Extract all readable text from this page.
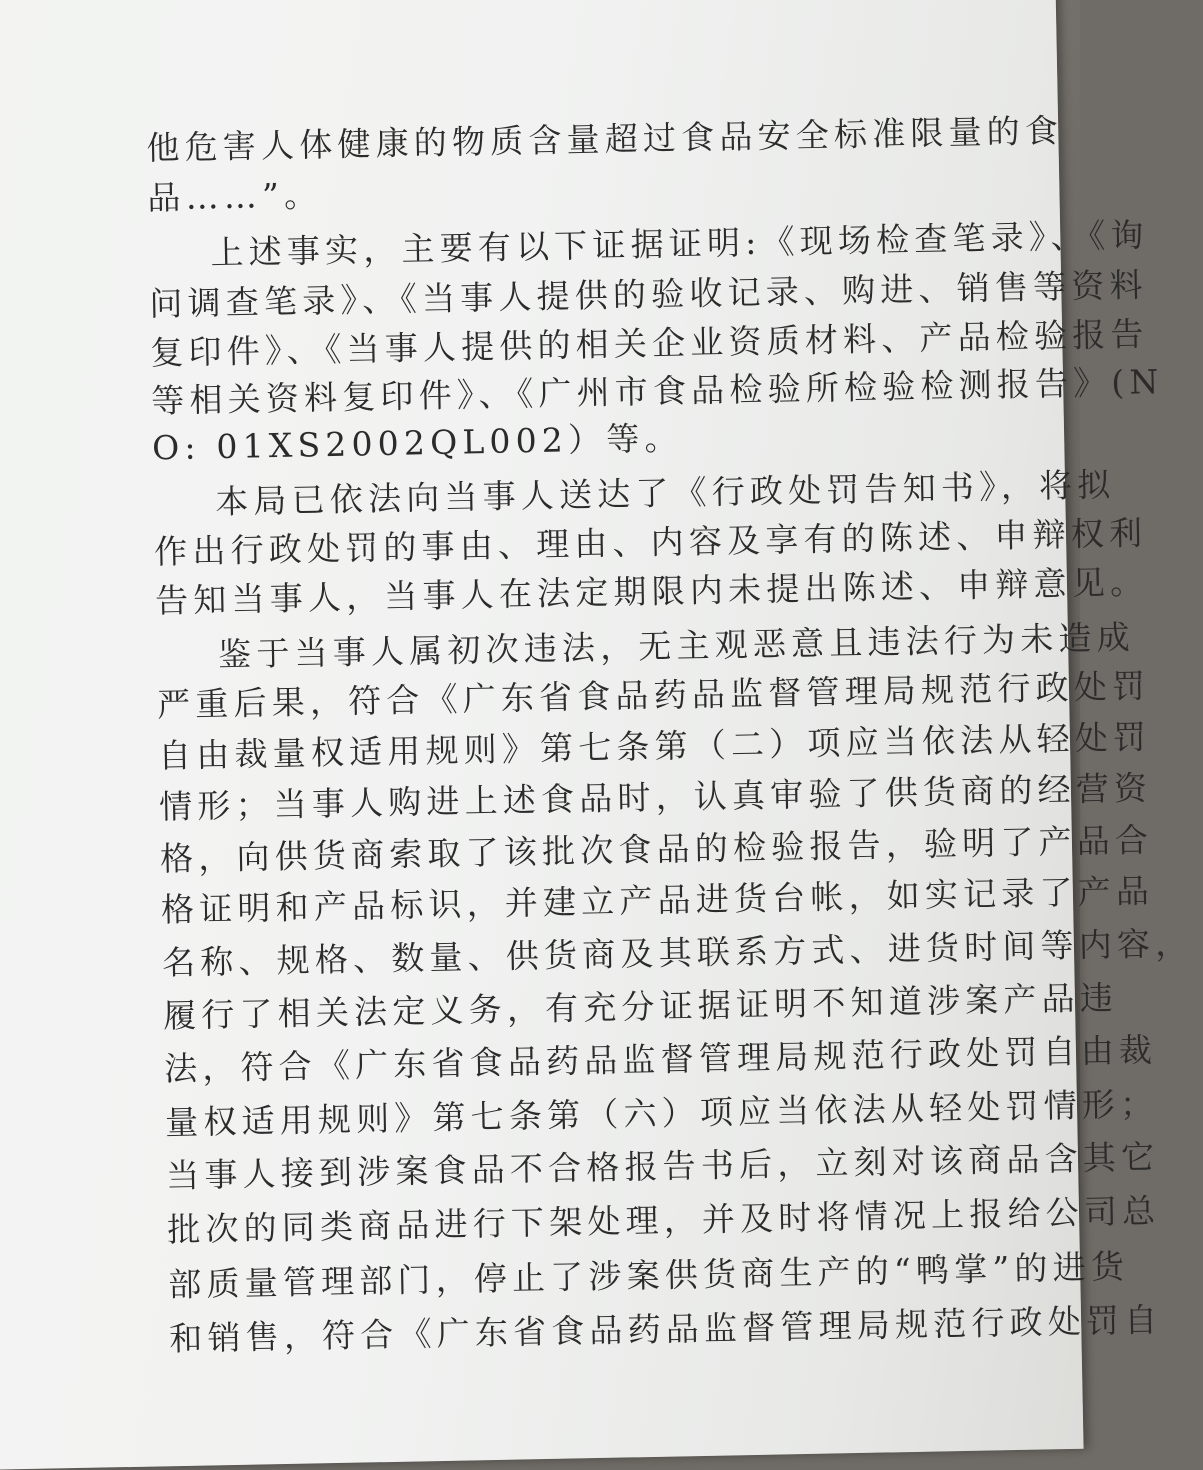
他危害人体健康的物质含量超过食品安全标准限量的食
品……”。
上述事实，主要有以下证据证明:《现场检查笔录》、《询
问调查笔录》、《当事人提供的验收记录、购进、销售等资料
复印件》、《当事人提供的相关企业资质材料、产品检验报告
等相关资料复印件》、《广州市食品检验所检验检测报告》(N
O: 01XS2002QL002）等。
本局已依法向当事人送达了《行政处罚告知书》，将拟
作出行政处罚的事由、理由、内容及享有的陈述、申辩权利
告知当事人，当事人在法定期限内未提出陈述、申辩意见。
鉴于当事人属初次违法，无主观恶意且违法行为未造成
严重后果，符合《广东省食品药品监督管理局规范行政处罚
自由裁量权适用规则》第七条第（二）项应当依法从轻处罚
情形；当事人购进上述食品时，认真审验了供货商的经营资
格，向供货商索取了该批次食品的检验报告，验明了产品合
格证明和产品标识，并建立产品进货台帐，如实记录了产品
名称、规格、数量、供货商及其联系方式、进货时间等内容，
履行了相关法定义务，有充分证据证明不知道涉案产品违
法，符合《广东省食品药品监督管理局规范行政处罚自由裁
量权适用规则》第七条第（六）项应当依法从轻处罚情形；
当事人接到涉案食品不合格报告书后，立刻对该商品含其它
批次的同类商品进行下架处理，并及时将情况上报给公司总
部质量管理部门，停止了涉案供货商生产的“鸭掌”的进货
和销售，符合《广东省食品药品监督管理局规范行政处罚自
